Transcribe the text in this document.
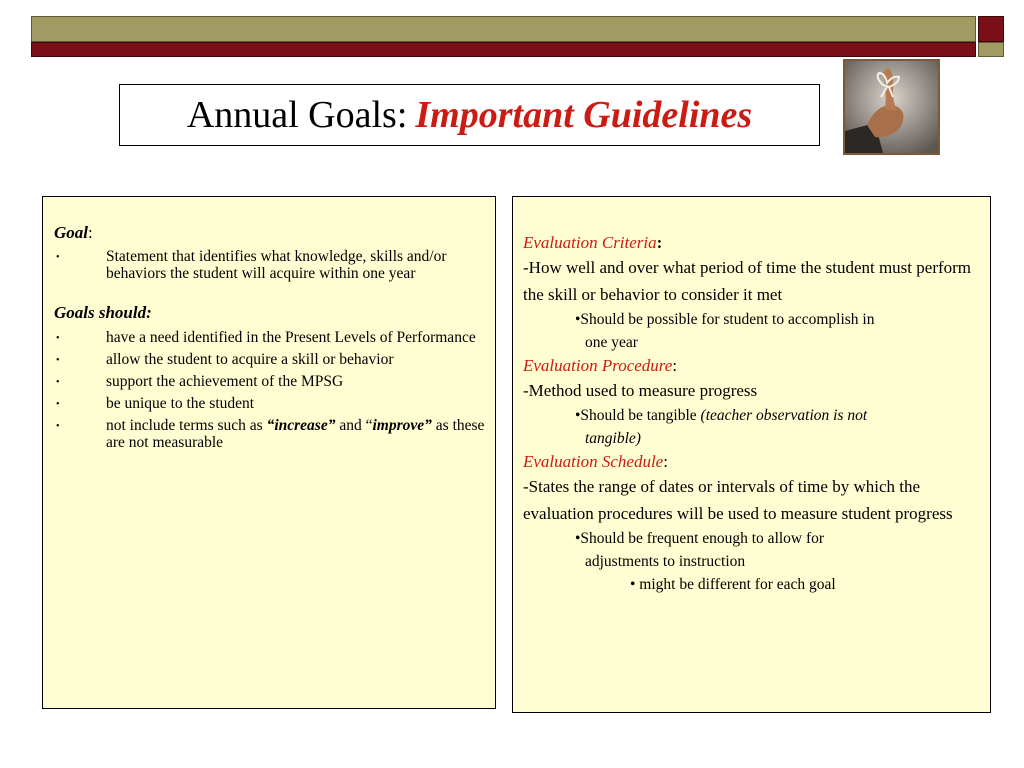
Annual Goals: Important Guidelines
Goal:
•	Statement that identifies what knowledge, skills and/or behaviors the student will acquire within one year
Goals should:
•	have a need identified in the Present Levels of Performance
•	allow the student to acquire a skill or behavior
•	support the achievement of the MPSG
•	be unique to the student
•	not include terms such as “increase” and “improve” as these are not measurable
Evaluation Criteria:
-How well and over what period of time the student must perform the skill or behavior to consider it met
•Should be possible for student to accomplish in
one year
Evaluation Procedure:
-Method used to measure progress
•Should be tangible (teacher observation is not
tangible)
Evaluation Schedule:
-States the range of dates or intervals of time by which the evaluation procedures will be used to measure student progress
•Should be frequent enough to allow for
adjustments to instruction
• might be different for each goal
